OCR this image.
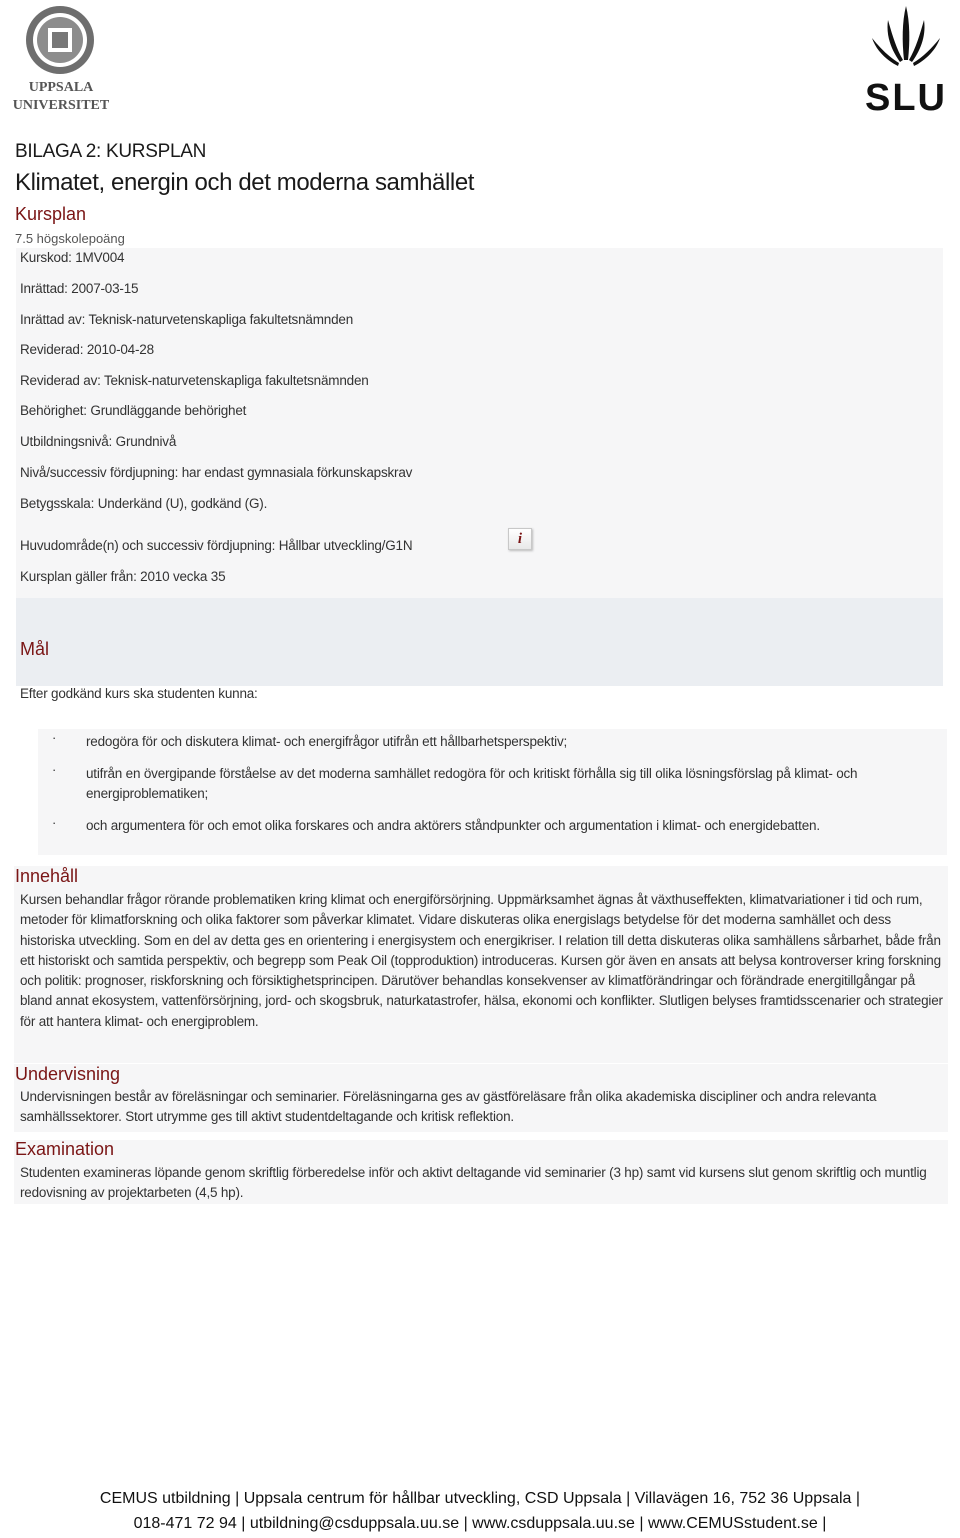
UPPSALA
UNIVERSITET	SLU
BILAGA 2: KURSPLAN
Klimatet, energin och det moderna samhället
Kursplan
7.5 högskolepoäng
Kurskod: 1MV004
Inrättad: 2007-03-15
Inrättad av: Teknisk-naturvetenskapliga fakultetsnämnden
Reviderad: 2010-04-28
Reviderad av: Teknisk-naturvetenskapliga fakultetsnämnden
Behörighet: Grundläggande behörighet
Utbildningsnivå: Grundnivå
Nivå/successiv fördjupning: har endast gymnasiala förkunskapskrav
Betygsskala: Underkänd (U), godkänd (G).
Huvudområde(n) och successiv fördjupning: Hållbar utveckling/G1N	i
Kursplan gäller från: 2010 vecka 35
Mål
Efter godkänd kurs ska studenten kunna:
· redogöra för och diskutera klimat- och energifrågor utifrån ett hållbarhetsperspektiv;
· utifrån en övergipande förståelse av det moderna samhället redogöra för och kritiskt förhålla sig till olika lösningsförslag på klimat- och energiproblematiken;
· och argumentera för och emot olika forskares och andra aktörers ståndpunkter och argumentation i klimat- och energidebatten.
Innehåll
Kursen behandlar frågor rörande problematiken kring klimat och energiförsörjning. Uppmärksamhet ägnas åt växthuseffekten, klimatvariationer i tid och rum, metoder för klimatforskning och olika faktorer som påverkar klimatet. Vidare diskuteras olika energislags betydelse för det moderna samhället och dess historiska utveckling. Som en del av detta ges en orientering i energisystem och energikriser. I relation till detta diskuteras olika samhällens sårbarhet, både från ett historiskt och samtida perspektiv, och begrepp som Peak Oil (topproduktion) introduceras. Kursen gör även en ansats att belysa kontroverser kring forskning och politik: prognoser, riskforskning och försiktighetsprincipen. Därutöver behandlas konsekvenser av klimatförändringar och förändrade energitillgångar på bland annat ekosystem, vattenförsörjning, jord- och skogsbruk, naturkatastrofer, hälsa, ekonomi och konflikter. Slutligen belyses framtidsscenarier och strategier för att hantera klimat- och energiproblem.
Undervisning
Undervisningen består av föreläsningar och seminarier. Föreläsningarna ges av gästföreläsare från olika akademiska discipliner och andra relevanta samhällssektorer. Stort utrymme ges till aktivt studentdeltagande och kritisk reflektion.
Examination
Studenten examineras löpande genom skriftlig förberedelse inför och aktivt deltagande vid seminarier (3 hp) samt vid kursens slut genom skriftlig och muntlig redovisning av projektarbeten (4,5 hp).
CEMUS utbildning | Uppsala centrum för hållbar utveckling, CSD Uppsala | Villavägen 16, 752 36 Uppsala |
018-471 72 94 | utbildning@csduppsala.uu.se | www.csduppsala.uu.se | www.CEMUSstudent.se |
